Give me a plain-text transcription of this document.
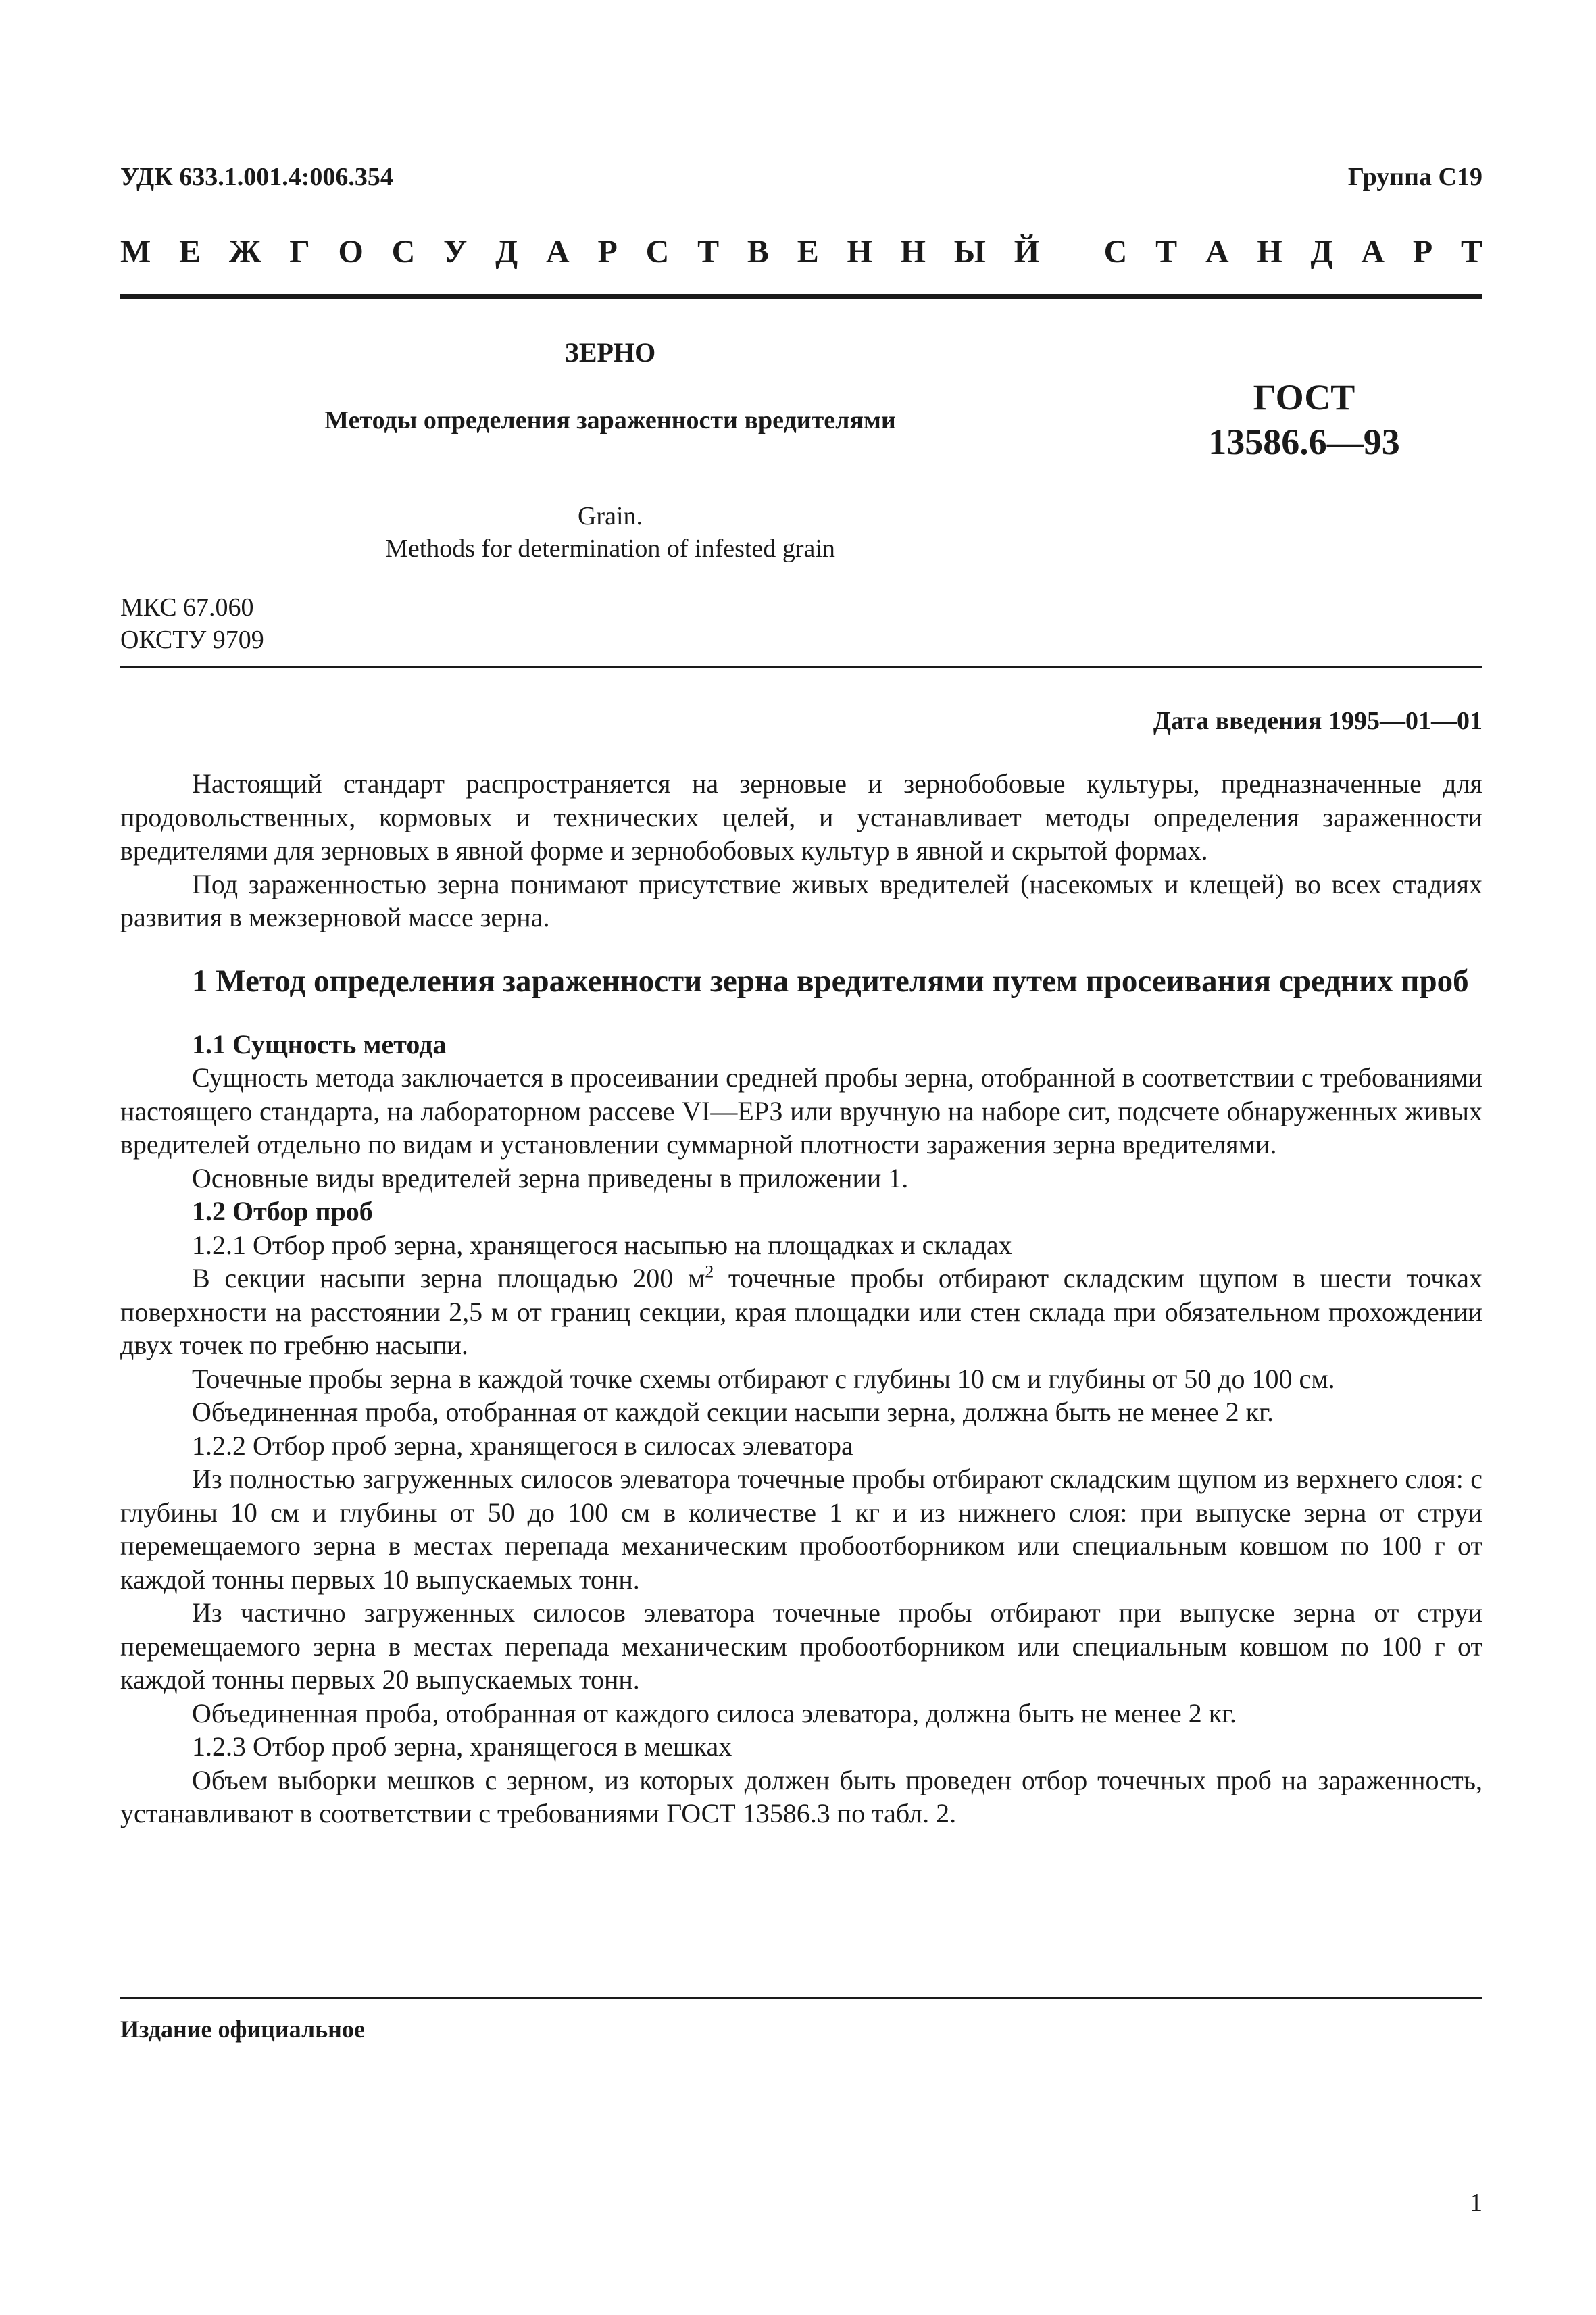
УДК 633.1.001.4:006.354	Группа С19
М Е Ж Г О С У Д А Р С Т В Е Н Н Ы Й
С Т А Н Д А Р Т
ЗЕРНО
Методы определения зараженности вредителями
ГОСТ
13586.6—93
Grain.
Methods for determination of infested grain
МКС 67.060
ОКСТУ 9709
Дата введения 1995—01—01

Настоящий стандарт распространяется на зерновые и зернобобовые культуры, предназначенные для продовольственных, кормовых и технических целей, и устанавливает методы определения зараженности вредителями для зерновых в явной форме и зернобобовых культур в явной и скрытой формах.

Под зараженностью зерна понимают присутствие живых вредителей (насекомых и клещей) во всех стадиях развития в межзерновой массе зерна.

1 Метод определения зараженности зерна вредителями путем просеивания средних проб

1.1 Сущность метода

Сущность метода заключается в просеивании средней пробы зерна, отобранной в соответствии с требованиями настоящего стандарта, на лабораторном рассеве VI—ЕРЗ или вручную на наборе сит, подсчете обнаруженных живых вредителей отдельно по видам и установлении суммарной плотности заражения зерна вредителями.

Основные виды вредителей зерна приведены в приложении 1.

1.2 Отбор проб

1.2.1 Отбор проб зерна, хранящегося насыпью на площадках и складах

В секции насыпи зерна площадью 200 $м^2$ точечные пробы отбирают складским щупом в шести точках поверхности на расстоянии 2,5 м от границ секции, края площадки или стен склада при обязательном прохождении двух точек по гребню насыпи.

Точечные пробы зерна в каждой точке схемы отбирают с глубины 10 см и глубины от 50 до 100 см.

Объединенная проба, отобранная от каждой секции насыпи зерна, должна быть не менее 2 кг.

1.2.2 Отбор проб зерна, хранящегося в силосах элеватора

Из полностью загруженных силосов элеватора точечные пробы отбирают складским щупом из верхнего слоя: с глубины 10 см и глубины от 50 до 100 см в количестве 1 кг и из нижнего слоя: при выпуске зерна от струи перемещаемого зерна в местах перепада механическим пробоотборником или специальным ковшом по 100 г от каждой тонны первых 10 выпускаемых тонн.

Из частично загруженных силосов элеватора точечные пробы отбирают при выпуске зерна от струи перемещаемого зерна в местах перепада механическим пробоотборником или специальным ковшом по 100 г от каждой тонны первых 20 выпускаемых тонн.

Объединенная проба, отобранная от каждого силоса элеватора, должна быть не менее 2 кг.

1.2.3 Отбор проб зерна, хранящегося в мешках

Объем выборки мешков с зерном, из которых должен быть проведен отбор точечных проб на зараженность, устанавливают в соответствии с требованиями ГОСТ 13586.3 по табл. 2.

Издание официальное
1
